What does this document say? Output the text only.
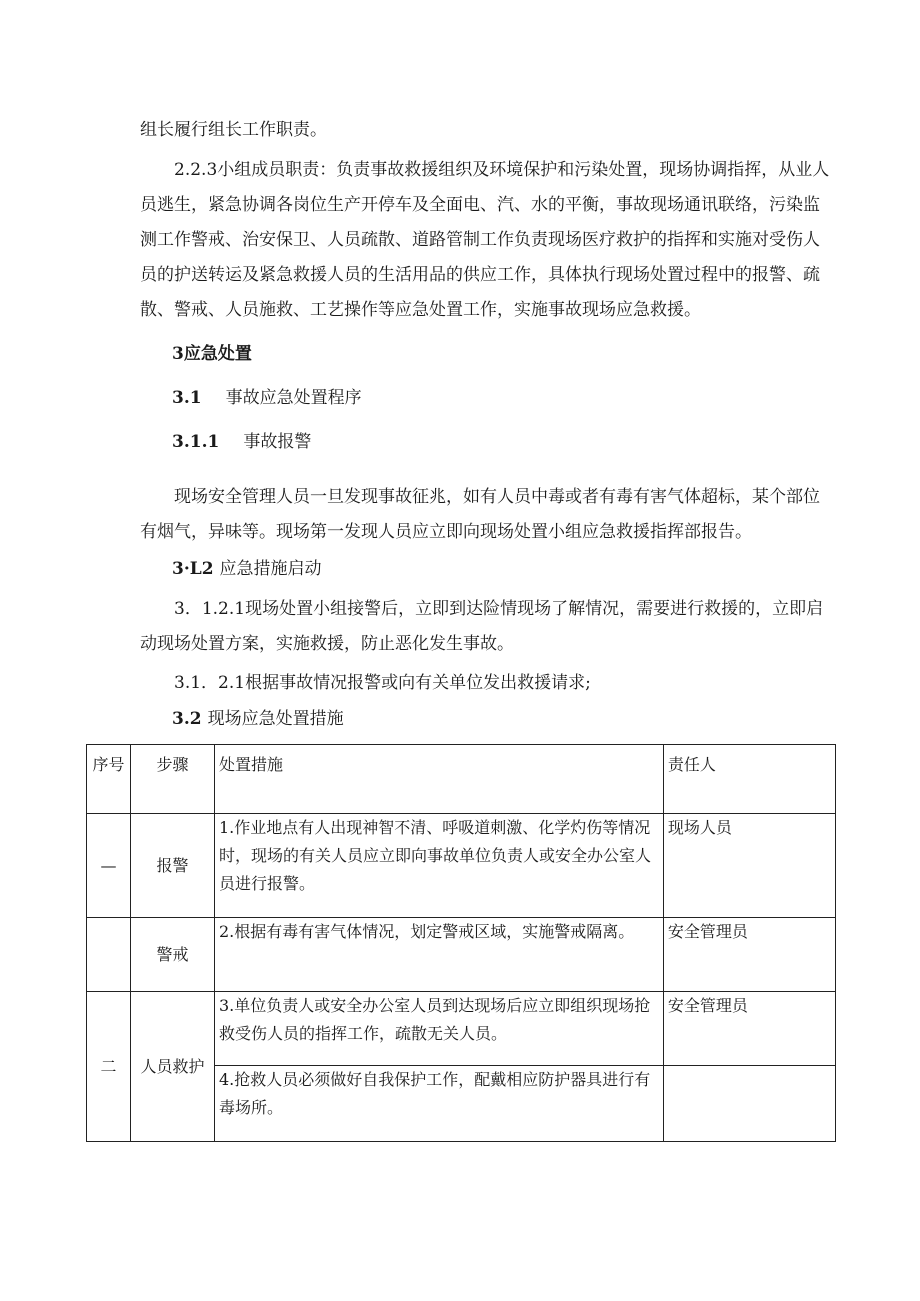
组长履行组长工作职责。

2.2.3小组成员职责：负责事故救援组织及环境保护和污染处置，现场协调指挥，从业人员逃生，紧急协调各岗位生产开停车及全面电、汽、水的平衡，事故现场通讯联络，污染监测工作警戒、治安保卫、人员疏散、道路管制工作负责现场医疗救护的指挥和实施对受伤人员的护送转运及紧急救援人员的生活用品的供应工作，具体执行现场处置过程中的报警、疏散、警戒、人员施救、工艺操作等应急处置工作，实施事故现场应急救援。

3应急处置
3.1 事故应急处置程序
3.1.1 事故报警

现场安全管理人员一旦发现事故征兆，如有人员中毒或者有毒有害气体超标，某个部位有烟气，异味等。现场第一发现人员应立即向现场处置小组应急救援指挥部报告。

3·L2 应急措施启动

3．1.2.1现场处置小组接警后，立即到达险情现场了解情况，需要进行救援的，立即启动现场处置方案，实施救援，防止恶化发生事故。

3.1．2.1根据事故情况报警或向有关单位发出救援请求;

3.2 现场应急处置措施
序号	步骤	处置措施	责任人
—	报警	1.作业地点有人出现神智不清、呼吸道刺激、化学灼伤等情况时，现场的有关人员应立即向事故单位负责人或安全办公室人员进行报警。	现场人员
	警戒	2.根据有毒有害气体情况，划定警戒区域，实施警戒隔离。	安全管理员
二	人员救护	3.单位负责人或安全办公室人员到达现场后应立即组织现场抢救受伤人员的指挥工作，疏散无关人员。	安全管理员
		4.抢救人员必须做好自我保护工作，配戴相应防护器具进行有毒场所。	
